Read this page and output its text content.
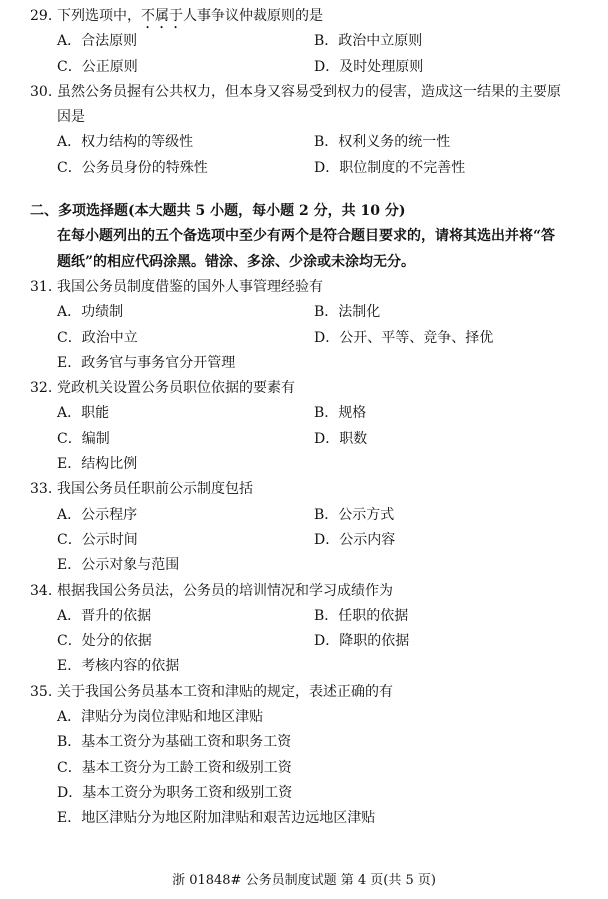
29. 下列选项中，不属于人事争议仲裁原则的是
A．合法原则	B．政治中立原则
C．公正原则	D．及时处理原则
30. 虽然公务员握有公共权力，但本身又容易受到权力的侵害，造成这一结果的主要原
因是
A．权力结构的等级性	B．权利义务的统一性
C．公务员身份的特殊性	D．职位制度的不完善性
二、多项选择题(本大题共 5 小题，每小题 2 分，共 10 分)
在每小题列出的五个备选项中至少有两个是符合题目要求的，请将其选出并将“答
题纸”的相应代码涂黑。错涂、多涂、少涂或未涂均无分。
31. 我国公务员制度借鉴的国外人事管理经验有
A．功绩制	B．法制化
C．政治中立	D．公开、平等、竞争、择优
E．政务官与事务官分开管理
32. 党政机关设置公务员职位依据的要素有
A．职能	B．规格
C．编制	D．职数
E．结构比例
33. 我国公务员任职前公示制度包括
A．公示程序	B．公示方式
C．公示时间	D．公示内容
E．公示对象与范围
34. 根据我国公务员法，公务员的培训情况和学习成绩作为
A．晋升的依据	B．任职的依据
C．处分的依据	D．降职的依据
E．考核内容的依据
35. 关于我国公务员基本工资和津贴的规定，表述正确的有
A．津贴分为岗位津贴和地区津贴
B．基本工资分为基础工资和职务工资
C．基本工资分为工龄工资和级别工资
D．基本工资分为职务工资和级别工资
E．地区津贴分为地区附加津贴和艰苦边远地区津贴
浙 01848# 公务员制度试题 第 4 页(共 5 页)
